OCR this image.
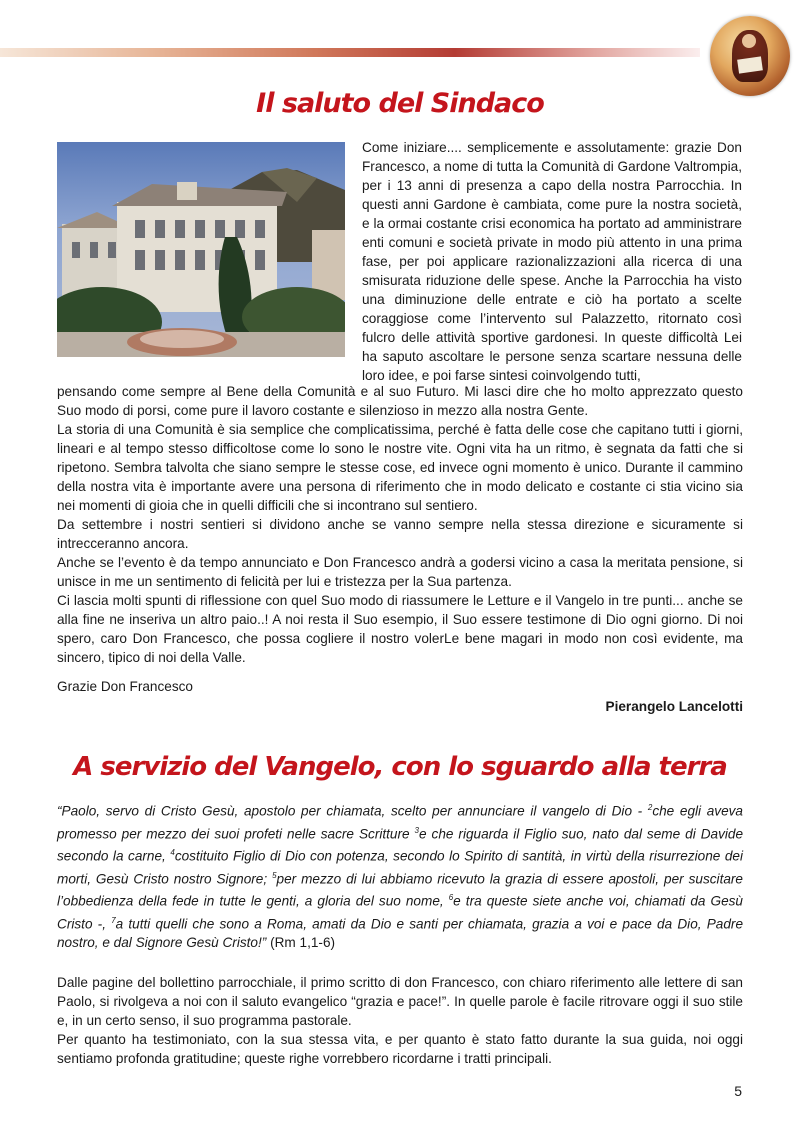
Il saluto del Sindaco
Come iniziare.... semplicemente e assolutamente: grazie Don Francesco, a nome di tutta la Comunità di Gardone Valtrompia, per i 13 anni di presenza a capo della nostra Parrocchia. In questi anni Gardone è cambiata, come pure la nostra società, e la ormai costante crisi economica ha portato ad amministrare enti comuni e società private in modo più attento in una prima fase, per poi applicare razionalizzazioni alla ricerca di una smisurata riduzione delle spese. Anche la Parrocchia ha visto una diminuzione delle entrate e ciò ha portato a scelte coraggiose come l’intervento sul Palazzetto, ritornato così fulcro delle attività sportive gardonesi. In queste difficoltà Lei ha saputo ascoltare le persone senza scartare nessuna delle loro idee, e poi farse sintesi coinvolgendo tutti,

pensando come sempre al Bene della Comunità e al suo Futuro. Mi lasci dire che ho molto apprezzato questo Suo modo di porsi, come pure il lavoro costante e silenzioso in mezzo alla nostra Gente.

La storia di una Comunità è sia semplice che complicatissima, perché è fatta delle cose che capitano tutti i giorni, lineari e al tempo stesso difficoltose come lo sono le nostre vite. Ogni vita ha un ritmo, è segnata da fatti che si ripetono. Sembra talvolta che siano sempre le stesse cose, ed invece ogni momento è unico. Durante il cammino della nostra vita è importante avere una persona di riferimento che in modo delicato e costante ci stia vicino sia nei momenti di gioia che in quelli difficili che si incontrano sul sentiero.

Da settembre i nostri sentieri si dividono anche se vanno sempre nella stessa direzione e sicuramente si intrecceranno ancora.

Anche se l’evento è da tempo annunciato e Don Francesco andrà a godersi vicino a casa la meritata pensione, si unisce in me un sentimento di felicità per lui e tristezza per la Sua partenza.

Ci lascia molti spunti di riflessione con quel Suo modo di riassumere le Letture e il Vangelo in tre punti... anche se alla fine ne inseriva un altro paio..! A noi resta il Suo esempio, il Suo essere testimone di Dio ogni giorno. Di noi spero, caro Don Francesco, che possa cogliere il nostro volerLe bene magari in modo non così evidente, ma sincero, tipico di noi della Valle.

Grazie Don Francesco
Pierangelo Lancelotti
A servizio del Vangelo, con lo sguardo alla terra

“Paolo, servo di Cristo Gesù, apostolo per chiamata, scelto per annunciare il vangelo di Dio - $^2$che egli aveva promesso per mezzo dei suoi profeti nelle sacre Scritture $^3$e che riguarda il Figlio suo, nato dal seme di Davide secondo la carne, $^4$costituito Figlio di Dio con potenza, secondo lo Spirito di santità, in virtù della risurrezione dei morti, Gesù Cristo nostro Signore; $^5$per mezzo di lui abbiamo ricevuto la grazia di essere apostoli, per suscitare l’obbedienza della fede in tutte le genti, a gloria del suo nome, $^6$e tra queste siete anche voi, chiamati da Gesù Cristo -, $^7$a tutti quelli che sono a Roma, amati da Dio e santi per chiamata, grazia a voi e pace da Dio, Padre nostro, e dal Signore Gesù Cristo!” (Rm 1,1-6)

Dalle pagine del bollettino parrocchiale, il primo scritto di don Francesco, con chiaro riferimento alle lettere di san Paolo, si rivolgeva a noi con il saluto evangelico “grazia e pace!”. In quelle parole è facile ritrovare oggi il suo stile e, in un certo senso, il suo programma pastorale.

Per quanto ha testimoniato, con la sua stessa vita, e per quanto è stato fatto durante la sua guida, noi oggi sentiamo profonda gratitudine; queste righe vorrebbero ricordarne i tratti principali.

5
